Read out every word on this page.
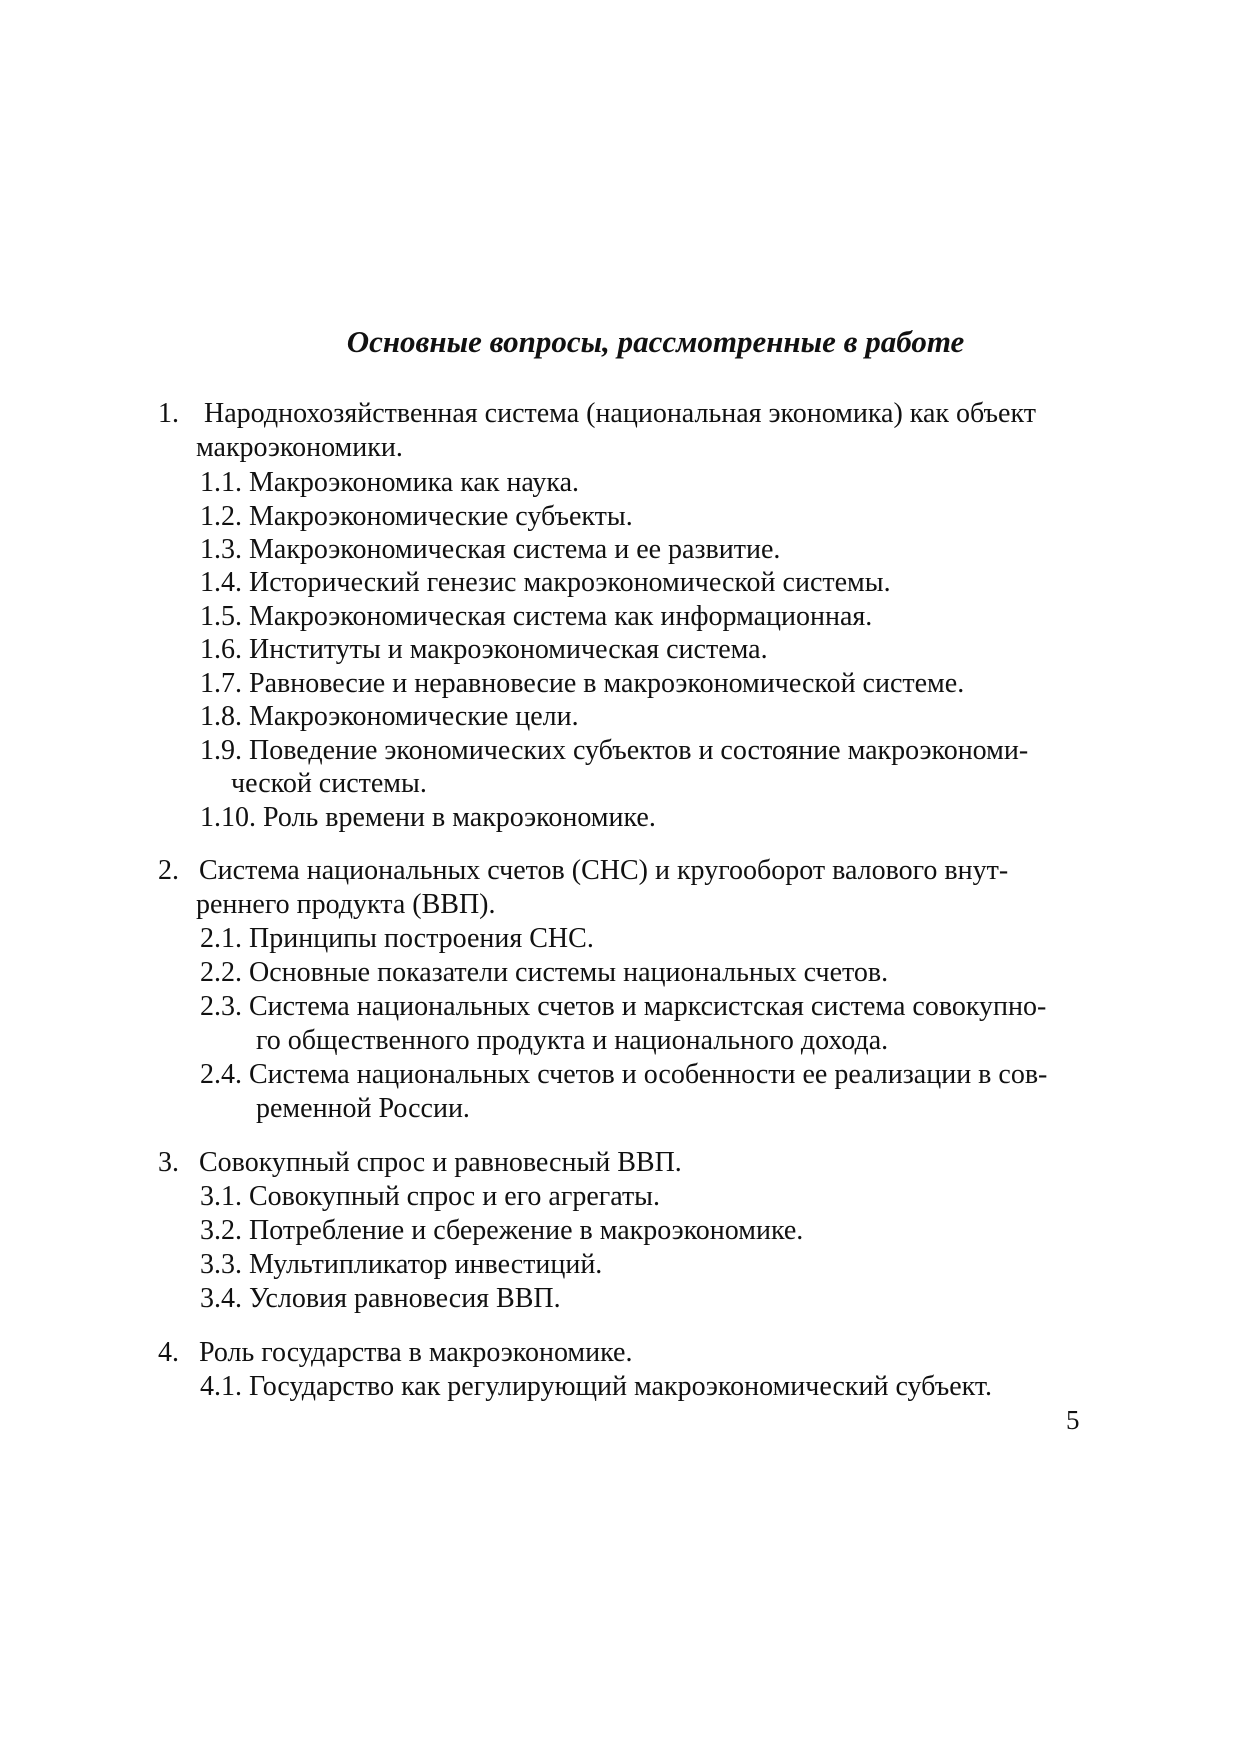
Основные вопросы, рассмотренные в работе
1. Народнохозяйственная система (национальная экономика) как объект
макроэкономики.
1.1. Макроэкономика как наука.
1.2. Макроэкономические субъекты.
1.3. Макроэкономическая система и ее развитие.
1.4. Исторический генезис макроэкономической системы.
1.5. Макроэкономическая система как информационная.
1.6. Институты и макроэкономическая система.
1.7. Равновесие и неравновесие в макроэкономической системе.
1.8. Макроэкономические цели.
1.9. Поведение экономических субъектов и состояние макроэкономи-
ческой системы.
1.10. Роль времени в макроэкономике.
2. Система национальных счетов (СНС) и кругооборот валового внут-
реннего продукта (ВВП).
2.1. Принципы построения СНС.
2.2. Основные показатели системы национальных счетов.
2.3. Система национальных счетов и марксистская система совокупно-
го общественного продукта и национального дохода.
2.4. Система национальных счетов и особенности ее реализации в сов-
ременной России.
3. Совокупный спрос и равновесный ВВП.
3.1. Совокупный спрос и его агрегаты.
3.2. Потребление и сбережение в макроэкономике.
3.3. Мультипликатор инвестиций.
3.4. Условия равновесия ВВП.
4. Роль государства в макроэкономике.
4.1. Государство как регулирующий макроэкономический субъект.
5
